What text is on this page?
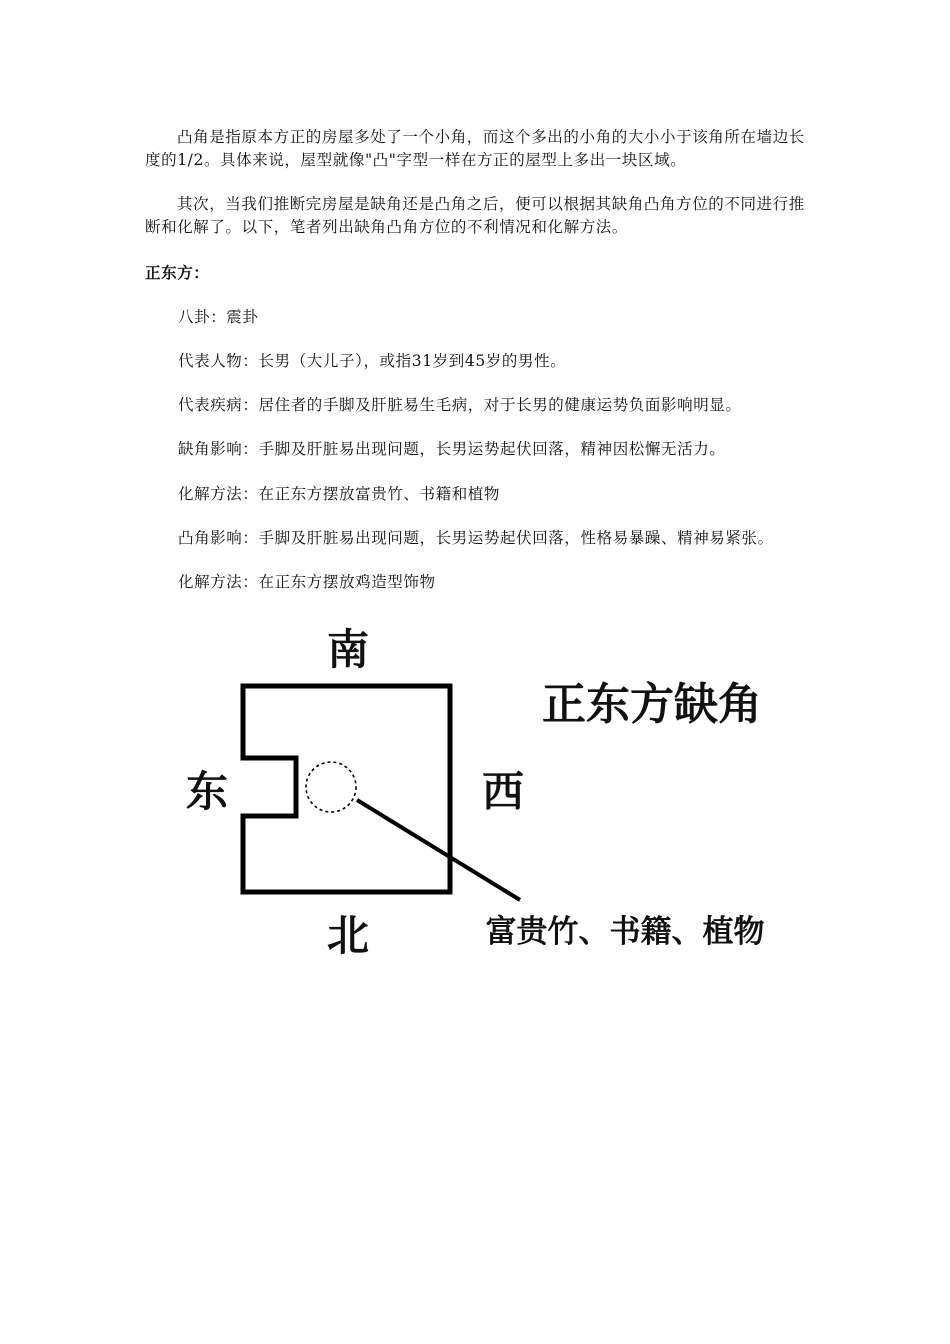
凸角是指原本方正的房屋多处了一个小角，而这个多出的小角的大小小于该角所在墙边长度的1/2。具体来说，屋型就像"凸"字型一样在方正的屋型上多出一块区域。

其次，当我们推断完房屋是缺角还是凸角之后，便可以根据其缺角凸角方位的不同进行推断和化解了。以下，笔者列出缺角凸角方位的不利情况和化解方法。

正东方：

八卦：震卦

代表人物：长男（大儿子），或指31岁到45岁的男性。

代表疾病：居住者的手脚及肝脏易生毛病，对于长男的健康运势负面影响明显。

缺角影响：手脚及肝脏易出现问题，长男运势起伏回落，精神因松懈无活力。

化解方法：在正东方摆放富贵竹、书籍和植物

凸角影响：手脚及肝脏易出现问题，长男运势起伏回落，性格易暴躁、精神易紧张。

化解方法：在正东方摆放鸡造型饰物

南
北
东	西
正东方缺角
富贵竹、书籍、植物
